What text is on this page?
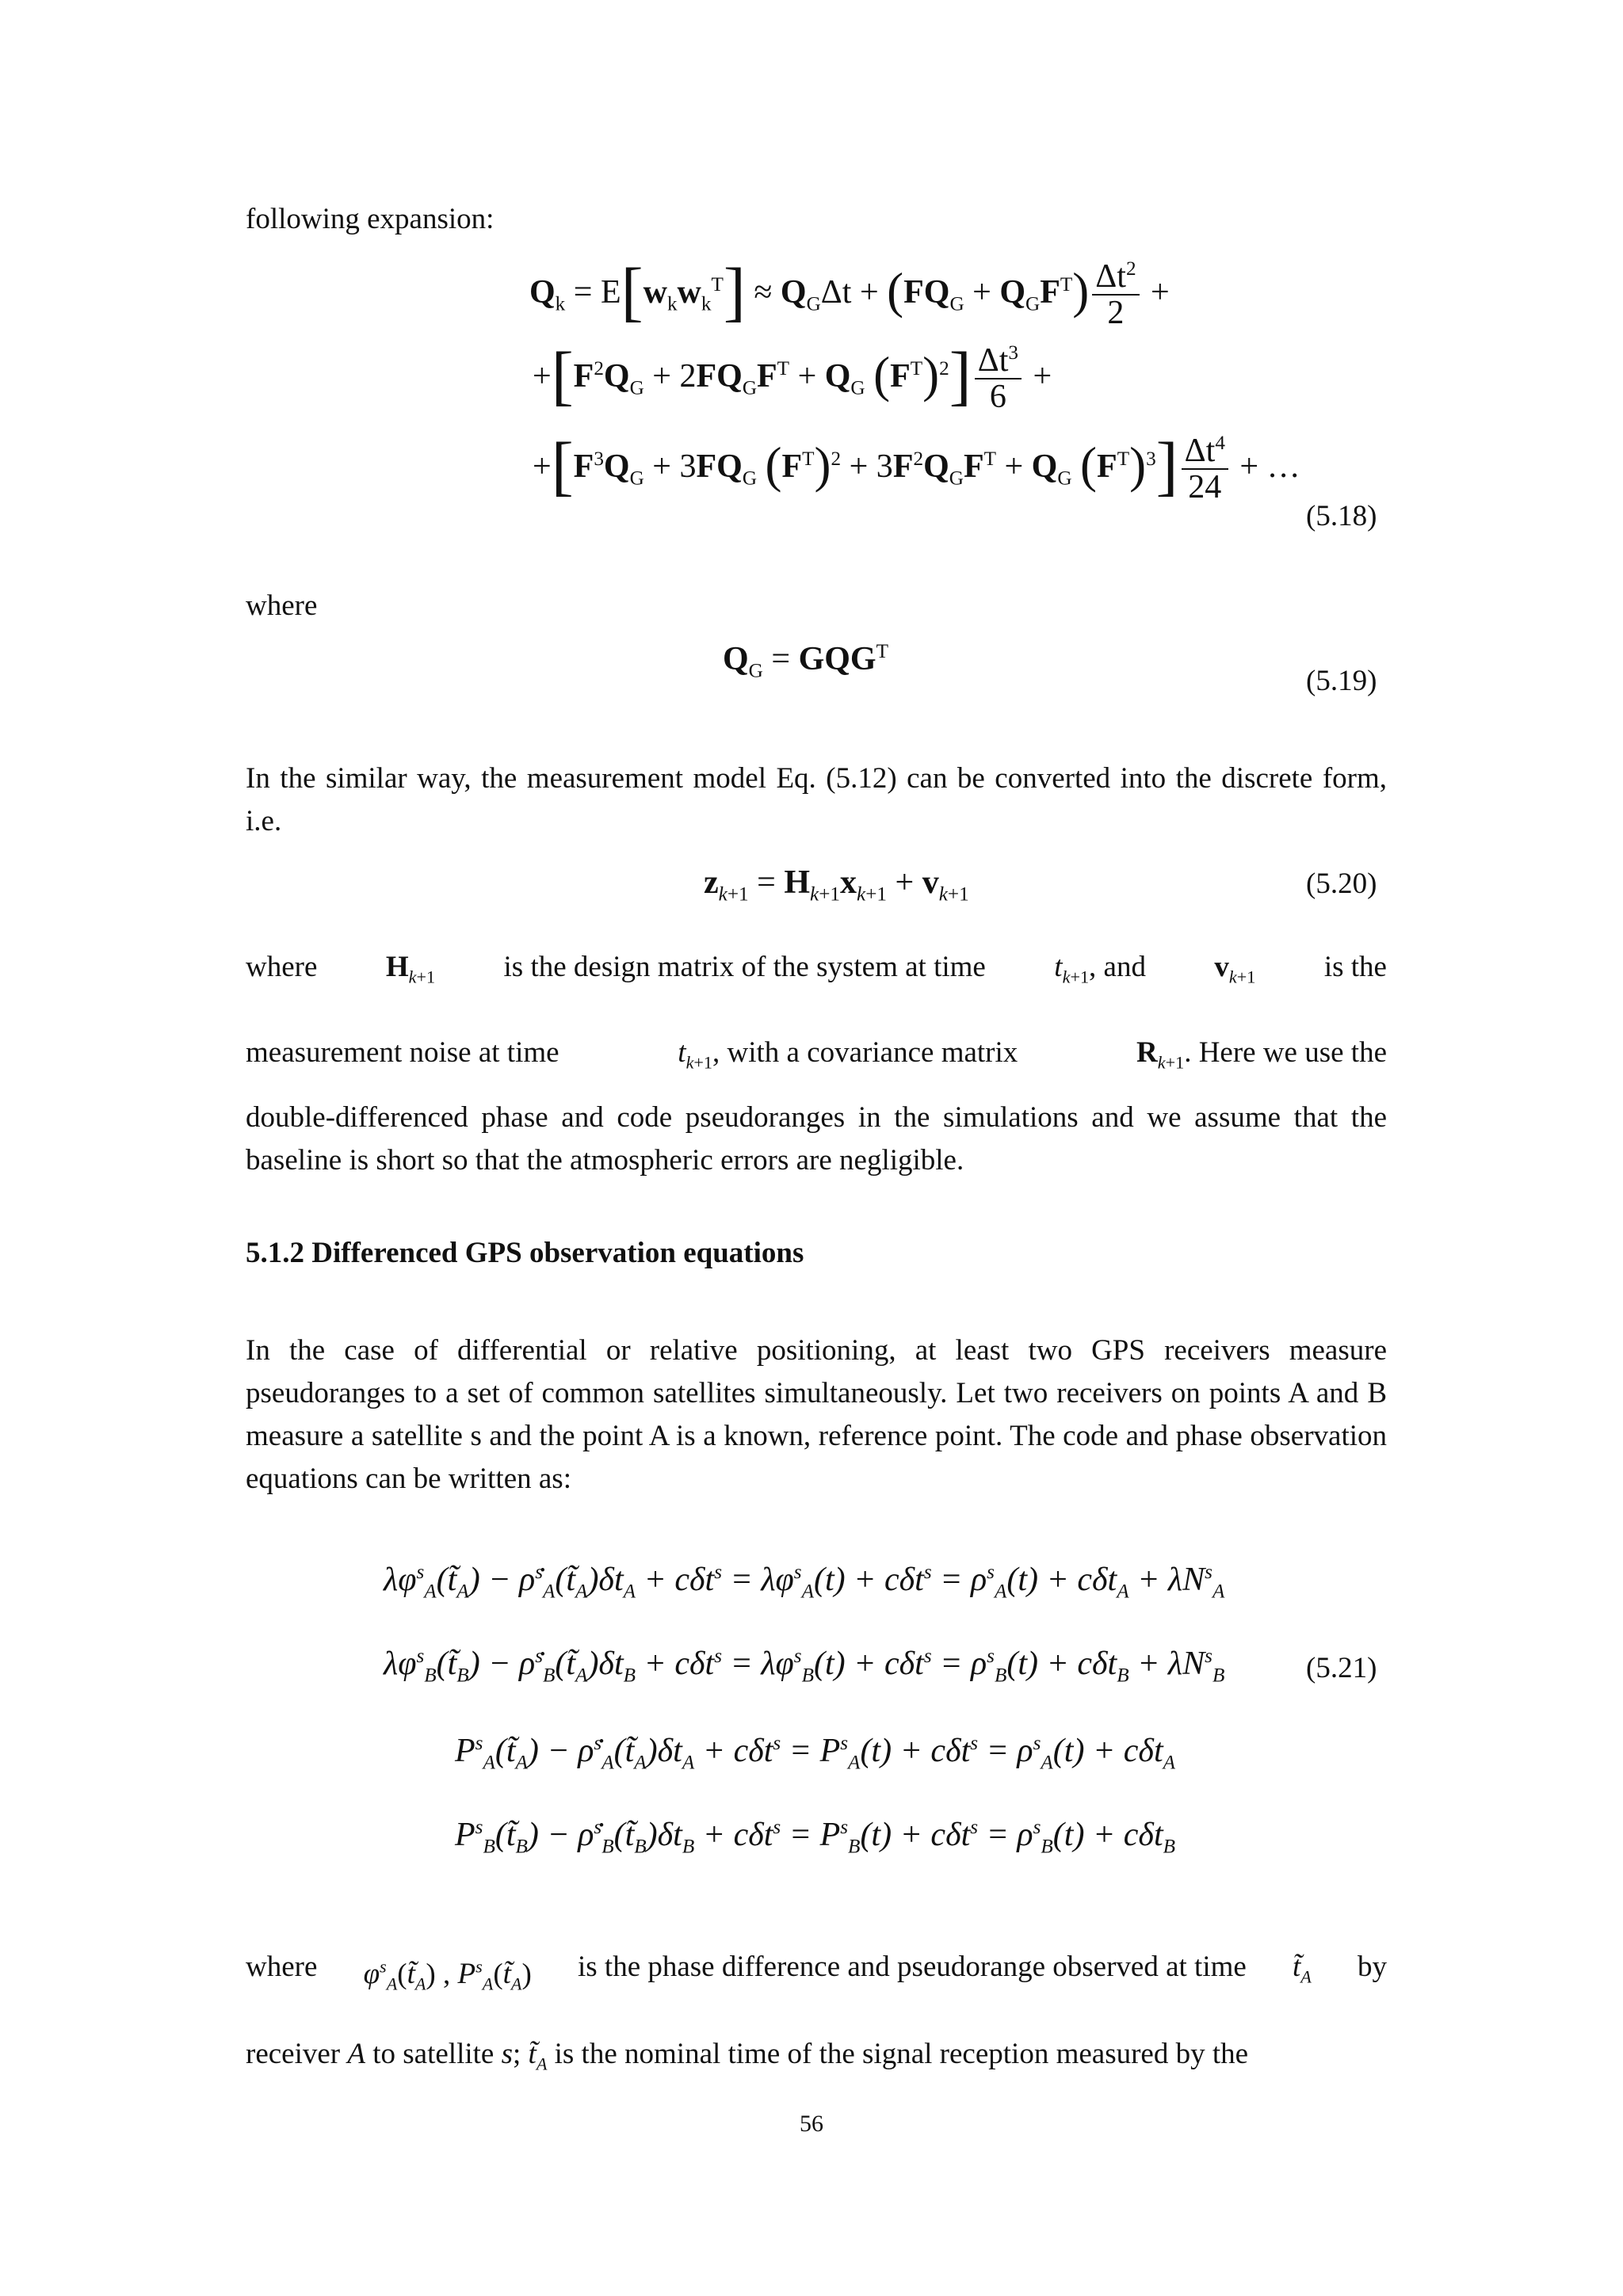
following expansion:
$Q_k = E[w_kw_k^T] \approx Q_G\Delta t + (FQ_G + Q_GF^T) \frac{\Delta t^2}{2}$ +
$+[F^2Q_G + 2FQ_GF^T + Q_G$ $(F^T)^2] \frac{\Delta t^3}{6}$ +
$+[F^3Q_G + 3FQ_G$ $(F^T)^2 + 3F^2Q_GF^T + Q_G$ $(F^T)^3] \frac{\Delta t^4}{24}$ + …
(5.18)
where
$Q_G = GQG^T$
(5.19)
In the similar way, the measurement model Eq. (5.12) can be converted into the discrete form, i.e.
$z_{k+1} = H_{k+1}x_{k+1} + v_{k+1}$	(5.20)
where $H_{k+1}$ is the design matrix of the system at time $t_{k+1}$, and $v_{k+1}$ is the
measurement noise at time	$t_{k+1}$, with a covariance matrix	$R_{k+1}$. Here we use the
double-differenced phase and code pseudoranges in the simulations and we assume that the baseline is short so that the atmospheric errors are negligible.
5.1.2 Differenced GPS observation equations
In the case of differential or relative positioning, at least two GPS receivers measure pseudoranges to a set of common satellites simultaneously. Let two receivers on points A and B measure a satellite s and the point A is a known, reference point. The code and phase observation equations can be written as:
$\lambda\varphi^s_A(t̃_A)$ − $\rhȯ^s_A(t̃_A)\delta t_A + c\delta t^s = \lambda\varphi^s_A(t) + c\delta t^s = \rho^s_A(t) + c\delta t_A + \lambda N^s_A$
$\lambda\varphi^s_B(t̃_B)$ − $\rhȯ^s_B(t̃_A)\delta t_B + c\delta t^s = \lambda\varphi^s_B(t) + c\delta t^s = \rho^s_B(t) + c\delta t_B + \lambda N^s_B$	(5.21)
$P^s_A(t̃_A)$ − $\rhȯ^s_A(t̃_A)\delta t_A + c\delta t^s = P^s_A(t) + c\delta t^s = \rho^s_A(t) + c\delta t_A$
$P^s_B(t̃_B)$ − $\rhȯ^s_B(t̃_B)\delta t_B + c\delta t^s = P^s_B(t) + c\delta t^s = \rho^s_B(t) + c\delta t_B$
where $\varphi^s_A(t̃_A)$ , $P^s_A(t̃_A)$ is the phase difference and pseudorange observed at time $t̃_A$ by
receiver A to satellite s; $t̃_A$ is the nominal time of the signal reception measured by the
56
